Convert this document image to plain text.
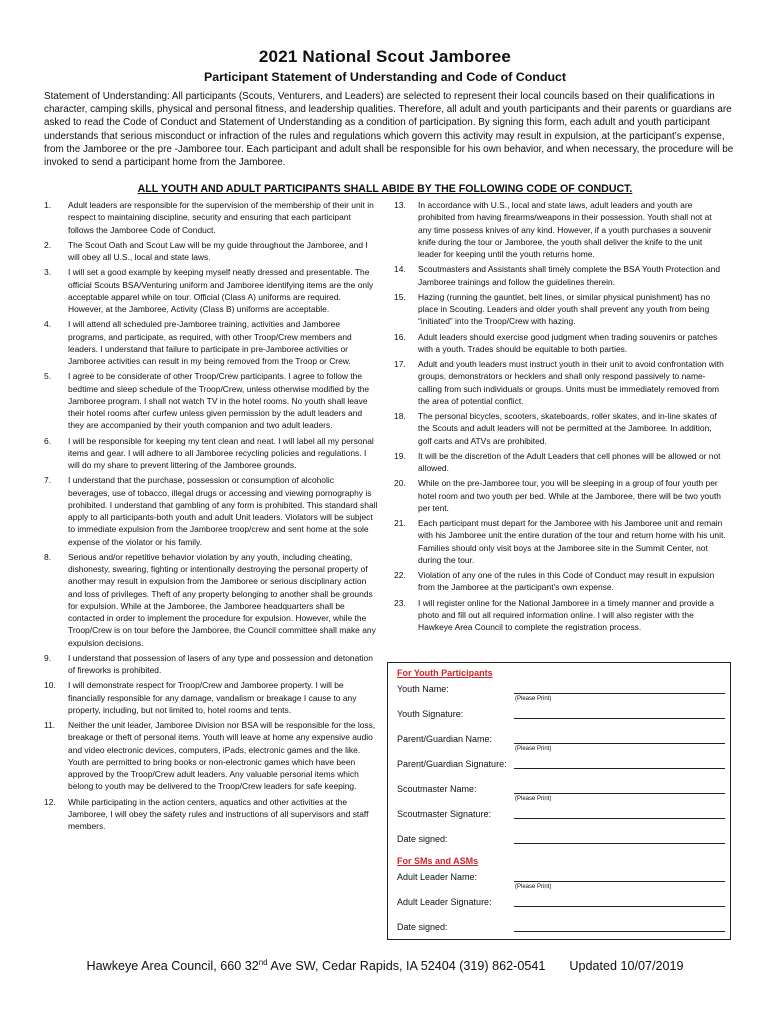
2021 National Scout Jamboree
Participant Statement of Understanding and Code of Conduct
Statement of Understanding: All participants (Scouts, Venturers, and Leaders) are selected to represent their local councils based on their qualifications in character, camping skills, physical and personal fitness, and leadership qualities. Therefore, all adult and youth participants and their parents or guardians are asked to read the Code of Conduct and Statement of Understanding as a condition of participation. By signing this form, each adult and youth participant understands that serious misconduct or infraction of the rules and regulations which govern this activity may result in expulsion, at the participant’s expense, from the Jamboree or the pre -Jamboree tour. Each participant and adult shall be responsible for his own behavior, and when necessary, the procedure will be invoked to send a participant home from the Jamboree.
ALL YOUTH AND ADULT PARTICIPANTS SHALL ABIDE BY THE FOLLOWING CODE OF CONDUCT.
1.	Adult leaders are responsible for the supervision of the membership of their unit in respect to maintaining discipline, security and ensuring that each participant follows the Jamboree Code of Conduct.
2.	The Scout Oath and Scout Law will be my guide throughout the Jamboree, and I will obey all U.S., local and state laws.
3.	I will set a good example by keeping myself neatly dressed and presentable. The official Scouts BSA/Venturing uniform and Jamboree identifying items are the only acceptable apparel while on tour. Official (Class A) uniforms are required. However, at the Jamboree, Activity (Class B) uniforms are acceptable.
4.	I will attend all scheduled pre-Jamboree training, activities and Jamboree programs, and participate, as required, with other Troop/Crew members and leaders. I understand that failure to participate in pre-Jamboree activities or Jamboree activities can result in my being removed from the Troop or Crew.
5.	I agree to be considerate of other Troop/Crew participants. I agree to follow the bedtime and sleep schedule of the Troop/Crew, unless otherwise modified by the Jamboree program. I shall not watch TV in the hotel rooms. No youth shall leave their hotel rooms after curfew unless given permission by the adult leaders and they are accompanied by their youth companion and two adult leaders.
6.	I will be responsible for keeping my tent clean and neat. I will label all my personal items and gear. I will adhere to all Jamboree recycling policies and regulations. I will do my share to prevent littering of the Jamboree grounds.
7.	I understand that the purchase, possession or consumption of alcoholic beverages, use of tobacco, illegal drugs or accessing and viewing pornography is prohibited. I understand that gambling of any form is prohibited. This standard shall apply to all participants-both youth and adult Unit leaders. Violators will be subject to immediate expulsion from the Jamboree troop/crew and sent home at the sole expense of the violator or his family.
8.	Serious and/or repetitive behavior violation by any youth, including cheating, dishonesty, swearing, fighting or intentionally destroying the personal property of another may result in expulsion from the Jamboree or serious disciplinary action and loss of privileges. Theft of any property belonging to another shall be grounds for expulsion. While at the Jamboree, the Jamboree headquarters shall be contacted in order to implement the procedure for expulsion. However, while the Troop/Crew is on tour before the Jamboree, the Council committee shall make any expulsion decisions.
9.	I understand that possession of lasers of any type and possession and detonation of fireworks is prohibited.
10.	I will demonstrate respect for Troop/Crew and Jamboree property. I will be financially responsible for any damage, vandalism or breakage I cause to any property, including, but not limited to, hotel rooms and tents.
11.	Neither the unit leader, Jamboree Division nor BSA will be responsible for the loss, breakage or theft of personal items. Youth will leave at home any expensive audio and video electronic devices, computers, iPads, electronic games and the like. Youth are permitted to bring books or non-electronic games which have been approved by the Troop/Crew adult leaders. Any valuable personal items which belong to youth may be delivered to the Troop/Crew leaders for safe keeping.
12.	While participating in the action centers, aquatics and other activities at the Jamboree, I will obey the safety rules and instructions of all supervisors and staff members.
13.	In accordance with U.S., local and state laws, adult leaders and youth are prohibited from having firearms/weapons in their possession. Youth shall not at any time possess knives of any kind. However, if a youth purchases a souvenir knife during the tour or Jamboree, the youth shall deliver the knife to the unit leader for keeping until the youth returns home.
14.	Scoutmasters and Assistants shall timely complete the BSA Youth Protection and Jamboree trainings and follow the guidelines therein.
15.	Hazing (running the gauntlet, belt lines, or similar physical punishment) has no place in Scouting. Leaders and older youth shall prevent any youth from being “initiated” into the Troop/Crew with hazing.
16.	Adult leaders should exercise good judgment when trading souvenirs or patches with a youth. Trades should be equitable to both parties.
17.	Adult and youth leaders must instruct youth in their unit to avoid confrontation with groups, demonstrators or hecklers and shall only respond passively to name-calling from such individuals or groups. Units must be immediately removed from the area of potential conflict.
18.	The personal bicycles, scooters, skateboards, roller skates, and in-line skates of the Scouts and adult leaders will not be permitted at the Jamboree. In addition, golf carts and ATVs are prohibited.
19.	It will be the discretion of the Adult Leaders that cell phones will be allowed or not allowed.
20.	While on the pre-Jamboree tour, you will be sleeping in a group of four youth per hotel room and two youth per bed. While at the Jamboree, there will be two youth per tent.
21.	Each participant must depart for the Jamboree with his Jamboree unit and remain with his Jamboree unit the entire duration of the tour and return home with his unit. Families should only visit boys at the Jamboree site in the Summit Center, not during the tour.
22.	Violation of any one of the rules in this Code of Conduct may result in expulsion from the Jamboree at the participant’s own expense.
23.	I will register online for the National Jamboree in a timely manner and provide a photo and fill out all required information online. I will also register with the Hawkeye Area Council to complete the registration process.
For Youth Participants
Youth Name:
(Please Print)
Youth Signature:
Parent/Guardian Name:
(Please Print)
Parent/Guardian Signature:
Scoutmaster Name:
(Please Print)
Scoutmaster Signature:
Date signed:
For SMs and ASMs
Adult Leader Name:
(Please Print)
Adult Leader Signature:
Date signed:
Hawkeye Area Council, 660 32nd Ave SW, Cedar Rapids, IA 52404 (319) 862-0541 Updated 10/07/2019
